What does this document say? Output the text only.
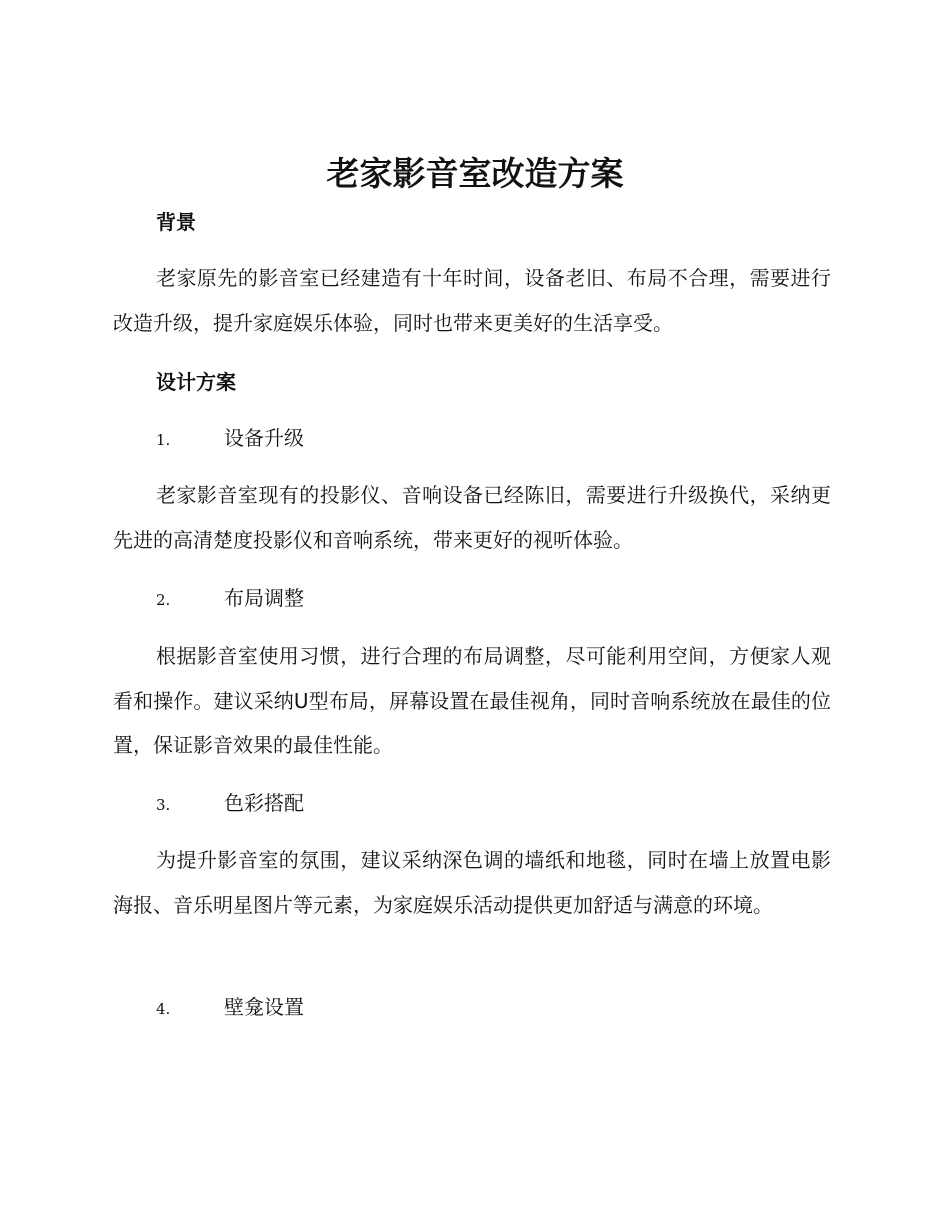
老家影音室改造方案
背景
老家原先的影音室已经建造有十年时间，设备老旧、布局不合理，需要进行改造升级，提升家庭娱乐体验，同时也带来更美好的生活享受。
设计方案
1.	设备升级
老家影音室现有的投影仪、音响设备已经陈旧，需要进行升级换代，采纳更先进的高清楚度投影仪和音响系统，带来更好的视听体验。
2.	布局调整
根据影音室使用习惯，进行合理的布局调整，尽可能利用空间，方便家人观看和操作。建议采纳U型布局，屏幕设置在最佳视角，同时音响系统放在最佳的位置，保证影音效果的最佳性能。
3.	色彩搭配
为提升影音室的氛围，建议采纳深色调的墙纸和地毯，同时在墙上放置电影海报、音乐明星图片等元素，为家庭娱乐活动提供更加舒适与满意的环境。
4.	壁龛设置
